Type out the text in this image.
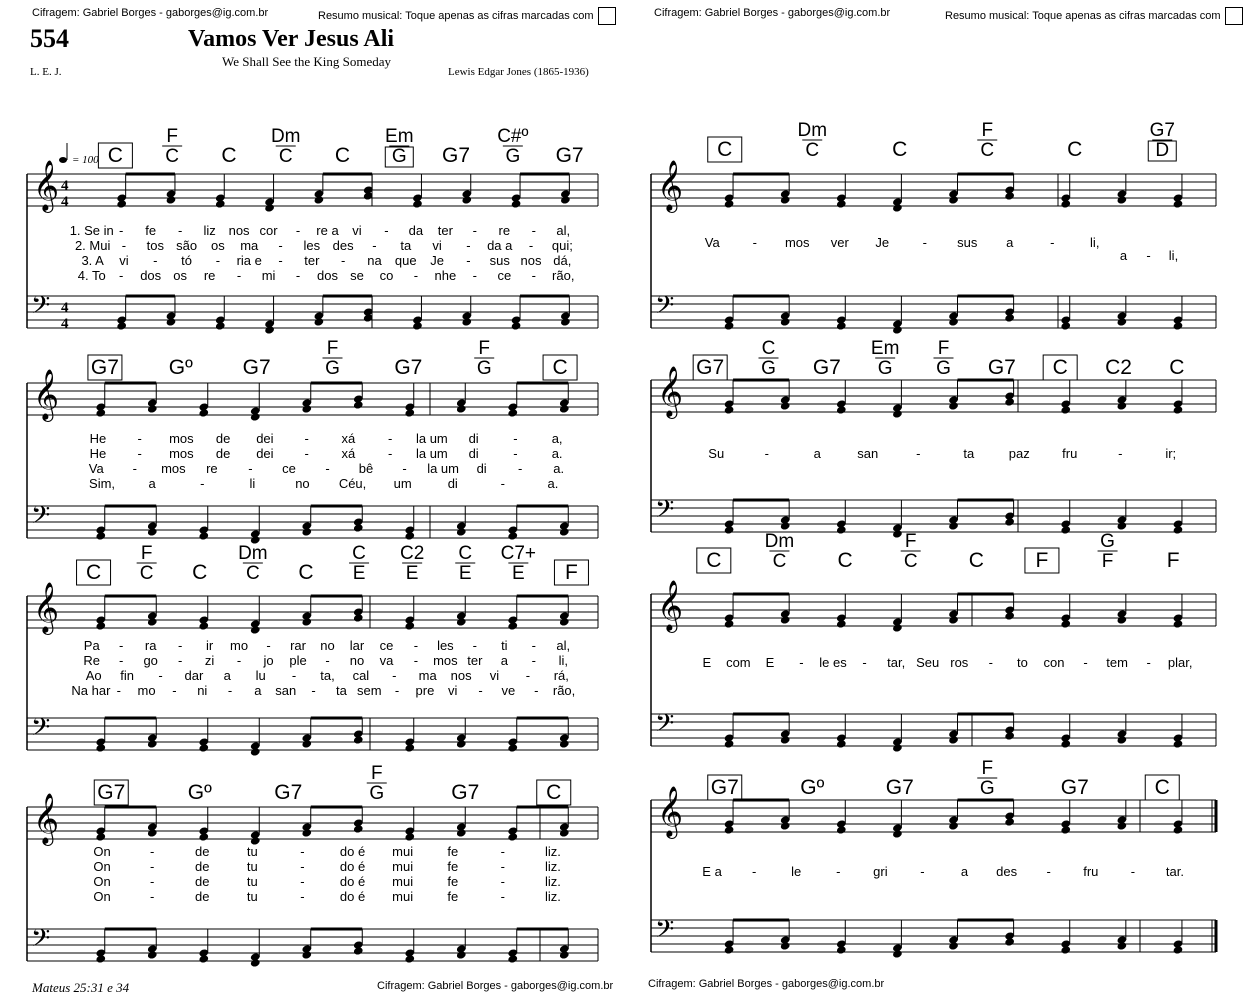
Cifragem: Gabriel Borges - gaborges@ig.com.br	Resumo musical: Toque apenas as cifras marcadas com	Cifragem: Gabriel Borges - gaborges@ig.com.br	Resumo musical: Toque apenas as cifras marcadas com
554	Vamos Ver Jesus Ali
We Shall See the King Someday
L. E. J.	Lewis Edgar Jones (1865-1936)
Mateus 25:31 e 34	Cifragem: Gabriel Borges - gaborges@ig.com.br	Cifragem: Gabriel Borges - gaborges@ig.com.br
𝄞
𝄢
4
4
4
4
C
F
C C
Dm
C C
Em
G G7
C#º
G G7
1. Se in - fe - liz nos cor - re a vi - da ter - re - al,
2. Mui - tos são os ma - les des - ta vi - da a - qui;
3. A vi - tó - ria e - ter - na que Je - sus nos dá,
4. To - dos os re - mi - dos se co - nhe - ce - rão,
𝄞
𝄢
G7 Gº G7
F
G	G7
F
G	C
He - mos de dei -	xá	- la um di	-	a,
He - mos de dei -	xá	- la um di	-	a.
Va - mos re - ce - bê - la um di - a.
Sim,	a	-	li	no Céu, um	di	-	a.
𝄞
𝄢
C
F
C C
Dm
C C
C
E
C2
E
C
E
C7+
E F
Pa - ra - ir mo - rar no lar ce - les - ti - al,
Re - go - zi - jo ple - no va - mos ter a - li,
Ao fin - dar a lu - ta, cal - ma nos vi - rá,
Na har - mo - ni - a san - ta sem - pre vi - ve - rão,
𝄞
𝄢
G7	Gº	G7
F
G	G7	C
On	-	de	tu	-	do é mui	fe	-	liz.
On	-	de	tu	-	do é mui	fe	-	liz.
On	-	de	tu	-	do é mui	fe	-	liz.
On	-	de	tu	-	do é mui	fe	-	liz.
= 100	𝄞
𝄢
C
Dm
C	C
F
C	C
G7
D
Va	- mos ver Je	- sus a	-	li,
a - li,
𝄞
𝄢
G7
C
G G7
Em
G
F
G G7 C C2 C
Su	-	a	san	-	ta	paz fru	-	ir;
𝄞
𝄢
C
Dm
C C
F
C C F
G
F	F
E com E - le es - tar, Seu ros - to con - tem - plar,
𝄞
𝄢
G7	Gº	G7
F
G	G7	C
E a -	le	-	gri	-	a des - fru - tar.
